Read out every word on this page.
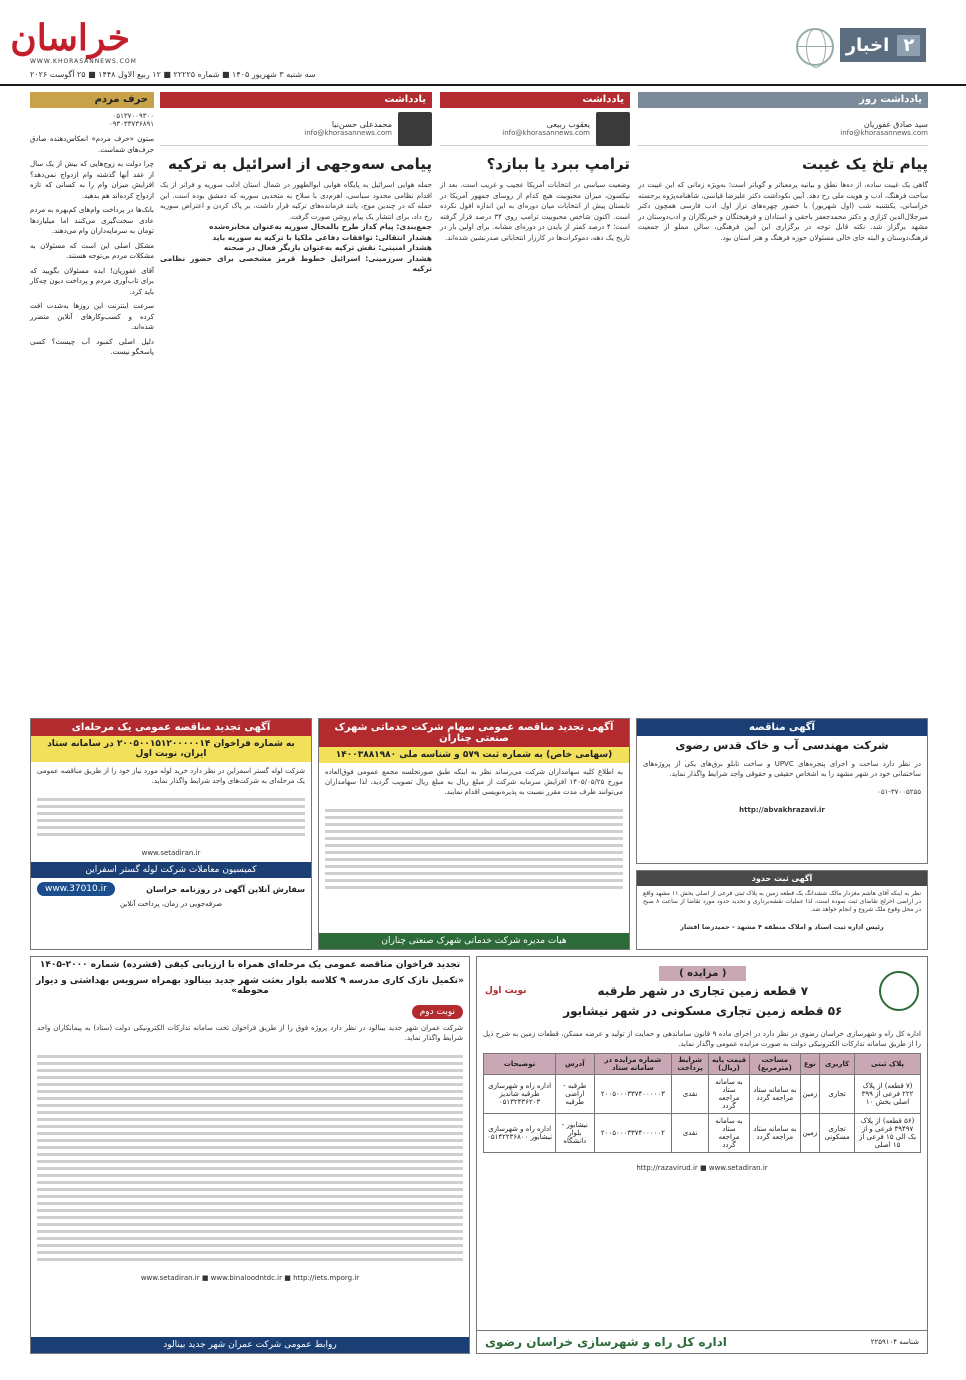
خراسان
WWW.KHORASANNEWS.COM
سه شنبه ۳ شهریور ۱۴۰۵ ■ شماره ۲۲۲۲۵ ■ ۱۲ ربیع الاول ۱۴۴۸ ■ ۲۵ آگوست ۲۰۲۶
۲
اخبار
یادداشت روز
سید صادق غفوریان
info@khorasannews.com
پیام تلخ یک غیبت
گاهی یک غیبت ساده، از ده‌ها نطق و بیانیه پرمعناتر و گویاتر است؛ به‌ویژه زمانی که این غیبت در ساحت فرهنگ، ادب و هویت ملی رخ دهد. آیین نکوداشت دکتر علیرضا قیاسی، شاهنامه‌پژوه برجسته خراسانی، یکشنبه شب (اول شهریور) با حضور چهره‌های تراز اول ادب فارسی همچون دکتر میرجلال‌الدین کزازی و دکتر محمدجعفر یاحقی و استادان و فرهیختگان و خبرنگاران و ادب‌دوستان در مشهد برگزار شد. نکته قابل توجه در برگزاری این آیین فرهنگی، سالن مملو از جمعیت فرهنگ‌دوستان و البته جای خالی مسئولان حوزه فرهنگ و هنر استان بود.
یادداشت
یعقوب ربیعی
info@khorasannews.com
ترامپ ببرد یا ببازد؟
وضعیت سیاسی در انتخابات آمریکا عجیب و غریب است. بعد از نیکسون، میزان محبوبیت هیچ کدام از روسای جمهور آمریکا در تابستان پیش از انتخابات میان دوره‌ای به این اندازه افول نکرده است. اکنون شاخص محبوبیت ترامپ روی ۳۴ درصد قرار گرفته است؛ ۴ درصد کمتر از بایدن در دوره‌ای مشابه. برای اولین بار در تاریخ یک دهه، دموکرات‌ها در کارزار انتخاباتی صدرنشین شده‌اند.
یادداشت
محمدعلی حسن‌نیا
info@khorasannews.com
پیامی سه‌وجهی از اسرائیل به ترکیه
حمله هوایی اسرائیل به پایگاه هوایی ابوالظهور در شمال استان ادلب سوریه و فراتر از یک اقدام نظامی محدود سیاسی، اهرم‌دی با سلاح به متحدیی سوریه که دمشق بوده است. این حمله که در چندین موج، یاتند فرمانده‌های ترکیه قرار داشت، بر پاک کردن و اعتراض سوریه رخ داد، برای انتشار یک پیام روشن صورت گرفت.
جمع‌بندی: پیام کدار طرح بالمحال سوریه به‌عنوان مخابره‌شده
هشدار انتقالی: توافقات دفاعی ملکیا با ترکیه به سوریه باید
هشدار امنیتی: نقش ترکیه به‌عنوان بازیگر فعال در صحنه
هشدار سرزمینی: اسرائیل خطوط قرمز مشخصی برای حضور نظامی ترکیه
حرف مردم
۰۵۱۳۷۰۰۹۳۰۰
۰۹۳۰۳۳۷۳۶۸۹۱
ستون «حرف مردم» انعکاس‌دهنده صادق حرف‌های شماست.
چرا دولت به زوج‌هایی که بیش از یک سال از عقد آنها گذشته وام ازدواج نمی‌دهد؟ افزایش میزان وام را به کسانی که تازه ازدواج کرده‌اند هم بدهید.
بانک‌ها در پرداخت وام‌های کم‌بهره به مردم عادی سخت‌گیری می‌کنند اما میلیاردها تومان به سرمایه‌داران وام می‌دهند.
مشکل اصلی این است که مسئولان به مشکلات مردم بی‌توجه هستند.
آقای غفوریان! ایده مسئولان بگویید که برای تاب‌آوری مردم و پرداخت دیون چه‌کار باید کرد.
سرعت اینترنت این روزها به‌شدت افت کرده و کسب‌وکارهای آنلاین متضرر شده‌اند.
دلیل اصلی کمبود آب چیست؟ کسی پاسخگو نیست.
آگهی تجدید مناقصه عمومی یک مرحله‌ای
به شماره فراخوان ۲۰۰۵۰۰۱۵۱۲۰۰۰۰۰۱۴ در سامانه ستاد ایران، نوبت اول
شرکت لوله گستر اسفراین در نظر دارد خرید لوله مورد نیاز خود را از طریق مناقصه عمومی یک مرحله‌ای به شرکت‌های واجد شرایط واگذار نماید.
www.setadiran.ir
کمیسیون معاملات شرکت لوله گستر اسفراین
سفارش آنلاین آگهی در روزنامه خراسان
www.37010.ir
صرفه‌جویی در زمان، پرداخت آنلاین
آگهی تجدید مناقصه عمومی سهام شرکت خدماتی شهرک صنعتی چناران
(سهامی خاص) به شماره ثبت ۵۷۹ و شناسه ملی ۱۴۰۰۳۸۸۱۹۸۰
به اطلاع کلیه سهامداران شرکت می‌رساند نظر به اینکه طبق صورتجلسه مجمع عمومی فوق‌العاده مورخ ۱۴۰۵/۰۵/۲۵ افزایش سرمایه شرکت از مبلغ ریال به مبلغ ریال تصویب گردید، لذا سهامداران می‌توانند ظرف مدت مقرر نسبت به پذیره‌نویسی اقدام نمایند.
هیات مدیره شرکت خدماتی شهرک صنعتی چناران
آگهی مناقصه
شرکت مهندسی آب و خاک قدس رضوی
در نظر دارد ساخت و اجرای پنجره‌های UPVC و ساخت تابلو برق‌های یکی از پروژه‌های ساختمانی خود در شهر مشهد را به اشخاص حقیقی و حقوقی واجد شرایط واگذار نماید.
۰۵۱-۳۷۰۰۵۲۵۵
http://abvakhrazavi.ir
آگهی ثبت حدود
نظر به اینکه آقای هاشم مغزدار مالک ششدانگ یک قطعه زمین به پلاک ثبتی فرعی از اصلی بخش ۱۱ مشهد واقع در اراضی اخرلج تقاضای ثبت نموده است، لذا عملیات نقشه‌برداری و تحدید حدود مورد تقاضا از ساعت ۸ صبح در محل وقوع ملک شروع و انجام خواهد شد.
رئیس اداره ثبت اسناد و املاک منطقه ۴ مشهد - حمیدرضا افشار
تجدید فراخوان مناقصه عمومی یک مرحله‌ای همراه با ارزیابی کیفی (فشرده) شماره ۲۰۰۰-۱۴۰۵
«تکمیل نازک کاری مدرسه ۹ کلاسه بلوار بعثت شهر جدید بینالود بهمراه سرویس بهداشتی و دیوار محوطه»
نوبت دوم
شرکت عمران شهر جدید بینالود در نظر دارد پروژه فوق را از طریق فراخوان تحت سامانه تدارکات الکترونیکی دولت (ستاد) به پیمانکاران واجد شرایط واگذار نماید.
www.setadiran.ir ■ www.binaloodntdc.ir ■ http://iets.mporg.ir
روابط عمومی شرکت عمران شهر جدید بینالود
( مزایده )
۷ قطعه زمین تجاری در شهر طرقبه
۵۶ قطعه زمین تجاری مسکونی در شهر نیشابور
نوبت اول
اداره کل راه و شهرسازی خراسان رضوی در نظر دارد در اجرای ماده ۹ قانون ساماندهی و حمایت از تولید و عرضه مسکن، قطعات زمین به شرح ذیل را از طریق سامانه تدارکات الکترونیکی دولت به صورت مزایده عمومی واگذار نماید.
پلاک ثبتی	کاربری	نوع	مساحت (مترمربع)	قیمت پایه (ریال)	شرایط پرداخت	شماره مزایده در سامانه ستاد	آدرس	توضیحات
(۷ قطعه) از پلاک ۲۲۲ فرعی از ۳۹۹ اصلی بخش ۱۰	تجاری	زمین	به سامانه ستاد مراجعه گردد	به سامانه ستاد مراجعه گردد	نقدی	۲۰۰۵۰۰۰۳۳۷۴۰۰۰۰۰۳	طرقبه - اراضی طرقبه	اداره راه و شهرسازی طرقبه شاندیز ۰۵۱۳۲۴۳۶۲۰۳
(۵۶ قطعه) از پلاک ۴۹۴۹۷ فرعی و از یک الی ۱۵ فرعی از ۱۵ اصلی	تجاری مسکونی	زمین	به سامانه ستاد مراجعه گردد	به سامانه ستاد مراجعه گردد	نقدی	۲۰۰۵۰۰۰۳۳۷۴۰۰۰۰۰۲	نیشابور - بلوار دانشگاه	اداره راه و شهرسازی نیشابور ۰۵۱۴۲۲۳۶۸۰۰
http://razavirud.ir ■ www.setadiran.ir
شناسه ۲۲۵۹۱۰۴
اداره کل راه و شهرسازی خراسان رضوی
